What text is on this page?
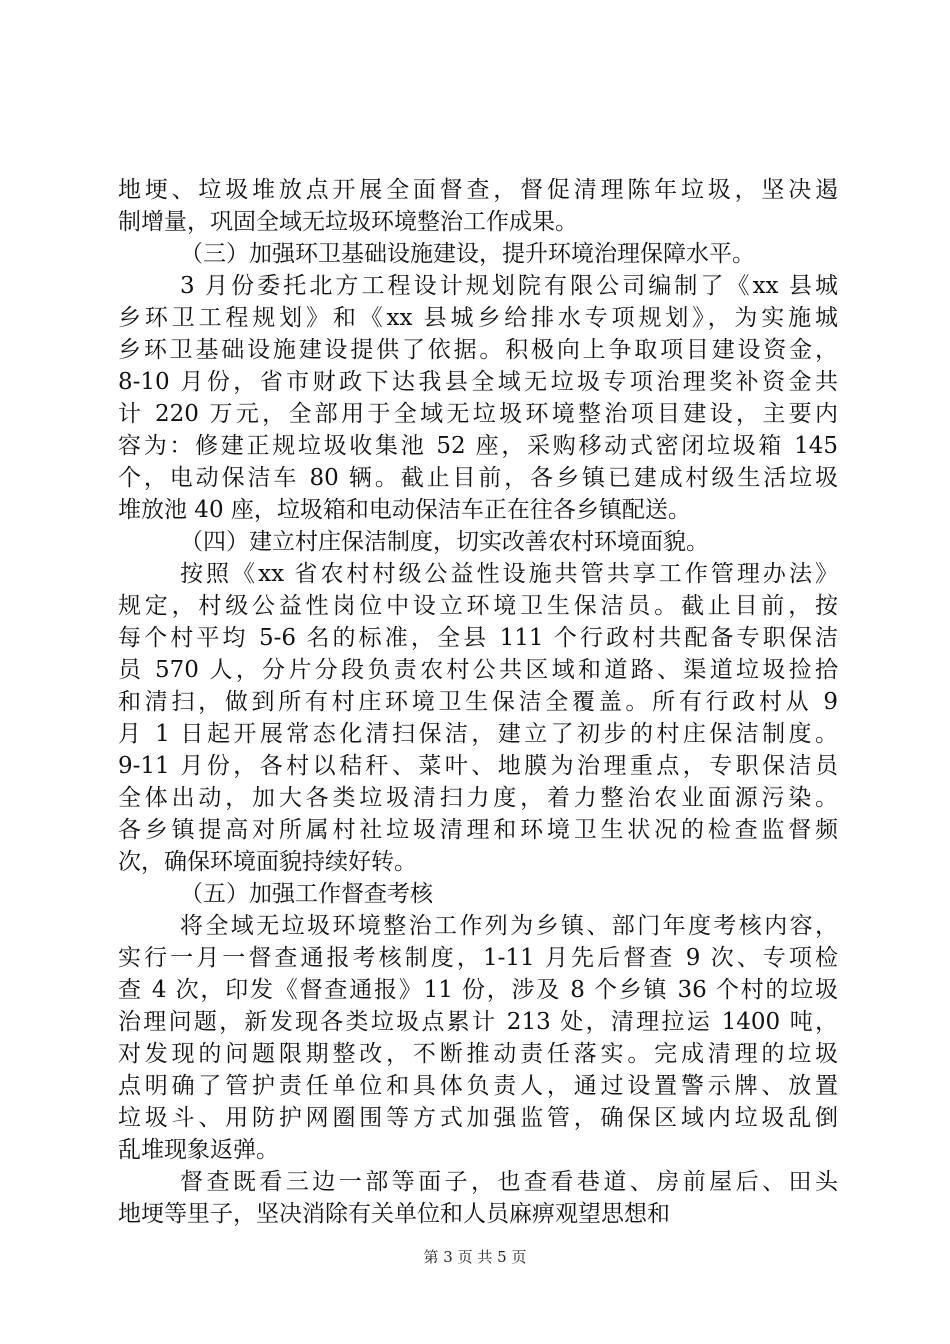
地埂、垃圾堆放点开展全面督查，督促清理陈年垃圾，坚决遏
制增量，巩固全域无垃圾环境整治工作成果。
（三）加强环卫基础设施建设，提升环境治理保障水平。
3 月份委托北方工程设计规划院有限公司编制了《xx 县城
乡环卫工程规划》和《xx 县城乡给排水专项规划》，为实施城
乡环卫基础设施建设提供了依据。积极向上争取项目建设资金，
8-10 月份，省市财政下达我县全域无垃圾专项治理奖补资金共
计 220 万元，全部用于全域无垃圾环境整治项目建设，主要内
容为：修建正规垃圾收集池 52 座，采购移动式密闭垃圾箱 145
个，电动保洁车 80 辆。截止目前，各乡镇已建成村级生活垃圾
堆放池 40 座，垃圾箱和电动保洁车正在往各乡镇配送。
（四）建立村庄保洁制度，切实改善农村环境面貌。
按照《xx 省农村村级公益性设施共管共享工作管理办法》
规定，村级公益性岗位中设立环境卫生保洁员。截止目前，按
每个村平均 5-6 名的标准，全县 111 个行政村共配备专职保洁
员 570 人，分片分段负责农村公共区域和道路、渠道垃圾捡拾
和清扫，做到所有村庄环境卫生保洁全覆盖。所有行政村从 9
月 1 日起开展常态化清扫保洁，建立了初步的村庄保洁制度。
9-11 月份，各村以秸秆、菜叶、地膜为治理重点，专职保洁员
全体出动，加大各类垃圾清扫力度，着力整治农业面源污染。
各乡镇提高对所属村社垃圾清理和环境卫生状况的检查监督频
次，确保环境面貌持续好转。
（五）加强工作督查考核
将全域无垃圾环境整治工作列为乡镇、部门年度考核内容，
实行一月一督查通报考核制度，1-11 月先后督查 9 次、专项检
查 4 次，印发《督查通报》11 份，涉及 8 个乡镇 36 个村的垃圾
治理问题，新发现各类垃圾点累计 213 处，清理拉运 1400 吨，
对发现的问题限期整改，不断推动责任落实。完成清理的垃圾
点明确了管护责任单位和具体负责人，通过设置警示牌、放置
垃圾斗、用防护网圈围等方式加强监管，确保区域内垃圾乱倒
乱堆现象返弹。
督查既看三边一部等面子，也查看巷道、房前屋后、田头
地埂等里子，坚决消除有关单位和人员麻痹观望思想和
第 3 页 共 5 页
